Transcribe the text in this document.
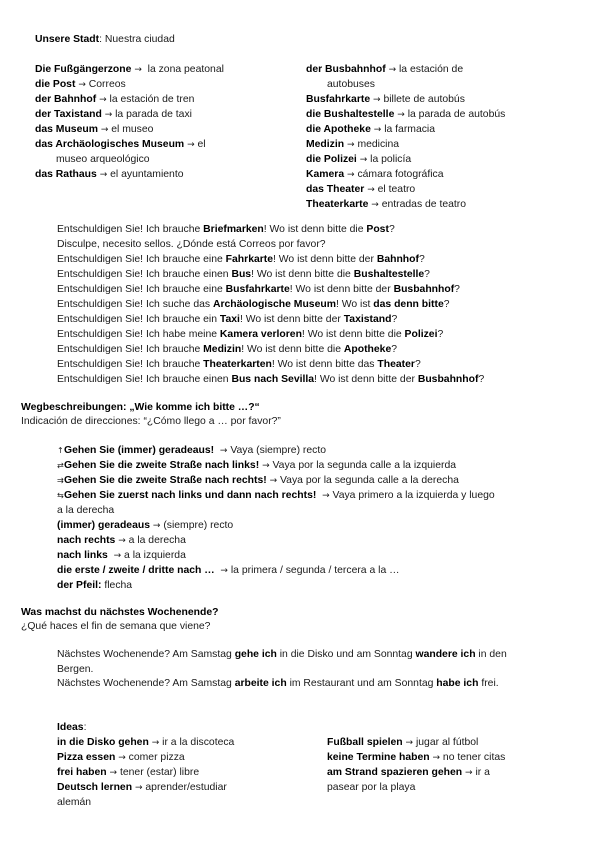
Unsere Stadt: Nuestra ciudad
Die Fußgängerzone → la zona peatonal
die Post → Correos
der Bahnhof → la estación de tren
der Taxistand → la parada de taxi
das Museum → el museo
das Archäologisches Museum → el
museo arqueológico
das Rathaus → el ayuntamiento
der Busbahnhof → la estación de
autobuses
Busfahrkarte → billete de autobús
die Bushaltestelle → la parada de autobús
die Apotheke → la farmacia
Medizin → medicina
die Polizei → la policía
Kamera → cámara fotográfica
das Theater → el teatro
Theaterkarte → entradas de teatro
Entschuldigen Sie! Ich brauche Briefmarken! Wo ist denn bitte die Post?
Disculpe, necesito sellos. ¿Dónde está Correos por favor?
Entschuldigen Sie! Ich brauche eine Fahrkarte! Wo ist denn bitte der Bahnhof?
Entschuldigen Sie! Ich brauche einen Bus! Wo ist denn bitte die Bushaltestelle?
Entschuldigen Sie! Ich brauche eine Busfahrkarte! Wo ist denn bitte der Busbahnhof?
Entschuldigen Sie! Ich suche das Archäologische Museum! Wo ist das denn bitte?
Entschuldigen Sie! Ich brauche ein Taxi! Wo ist denn bitte der Taxistand?
Entschuldigen Sie! Ich habe meine Kamera verloren! Wo ist denn bitte die Polizei?
Entschuldigen Sie! Ich brauche Medizin! Wo ist denn bitte die Apotheke?
Entschuldigen Sie! Ich brauche Theaterkarten! Wo ist denn bitte das Theater?
Entschuldigen Sie! Ich brauche einen Bus nach Sevilla! Wo ist denn bitte der Busbahnhof?
Wegbeschreibungen: „Wie komme ich bitte …?“
Indicación de direcciones: “¿Cómo llego a … por favor?”
↑Gehen Sie (immer) geradeaus! → Vaya (siempre) recto
⇄Gehen Sie die zweite Straße nach links! → Vaya por la segunda calle a la izquierda
⇉Gehen Sie die zweite Straße nach rechts! → Vaya por la segunda calle a la derecha
⇆Gehen Sie zuerst nach links und dann nach rechts! → Vaya primero a la izquierda y luego
a la derecha
(immer) geradeaus → (siempre) recto
nach rechts → a la derecha
nach links → a la izquierda
die erste / zweite / dritte nach … → la primera / segunda / tercera a la …
der Pfeil: flecha
Was machst du nächstes Wochenende?
¿Qué haces el fin de semana que viene?
Nächstes Wochenende? Am Samstag gehe ich in die Disko und am Sonntag wandere ich in den Bergen.
Nächstes Wochenende? Am Samstag arbeite ich im Restaurant und am Sonntag habe ich frei.
Ideas:
in die Disko gehen → ir a la discoteca
Pizza essen → comer pizza
frei haben → tener (estar) libre
Deutsch lernen → aprender/estudiar
alemán
Fußball spielen → jugar al fútbol
keine Termine haben → no tener citas
am Strand spazieren gehen → ir a
pasear por la playa
